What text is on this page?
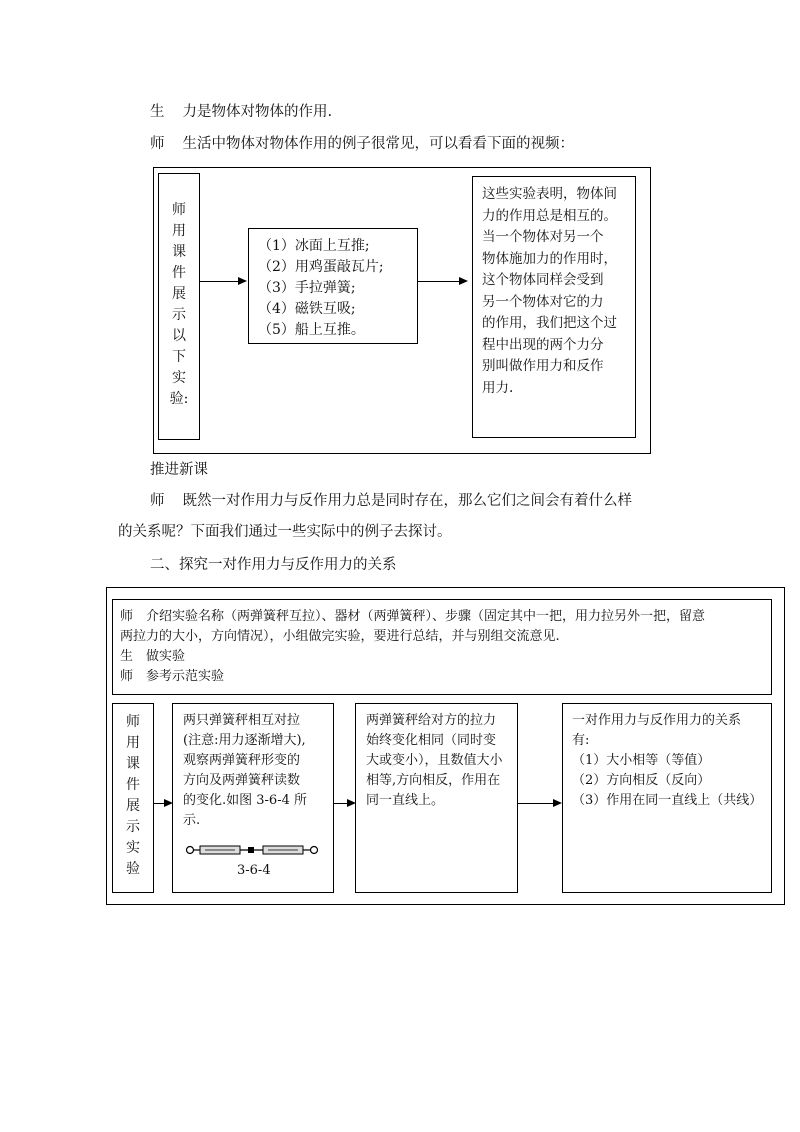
生 力是物体对物体的作用.
师 生活中物体对物体作用的例子很常见，可以看看下面的视频：
师
用
课
件
展
示
以
下
实
验:
（1）冰面上互推;
（2）用鸡蛋敲瓦片;
（3）手拉弹簧;
（4）磁铁互吸;
（5）船上互推。
这些实验表明，物体间
力的作用总是相互的。
当一个物体对另一个
物体施加力的作用时，
这个物体同样会受到
另一个物体对它的力
的作用，我们把这个过
程中出现的两个力分
别叫做作用力和反作
用力.
推进新课
师 既然一对作用力与反作用力总是同时存在，那么它们之间会有着什么样
的关系呢？下面我们通过一些实际中的例子去探讨。
二、探究一对作用力与反作用力的关系
师　介绍实验名称（两弹簧秤互拉）、器材（两弹簧秤）、步骤（固定其中一把，用力拉另外一把，留意
两拉力的大小，方向情况），小组做完实验，要进行总结，并与别组交流意见.
生　做实验
师　参考示范实验
师
用
课
件
展
示
实
验
两只弹簧秤相互对拉
(注意:用力逐渐增大),
观察两弹簧秤形变的
方向及两弹簧秤读数
的变化.如图 3-6-4 所
示.
3-6-4
两弹簧秤给对方的拉力
始终变化相同（同时变
大或变小），且数值大小
相等,方向相反，作用在
同一直线上。
一对作用力与反作用力的关系
有:
（1）大小相等（等值）
（2）方向相反（反向）
（3）作用在同一直线上（共线）
